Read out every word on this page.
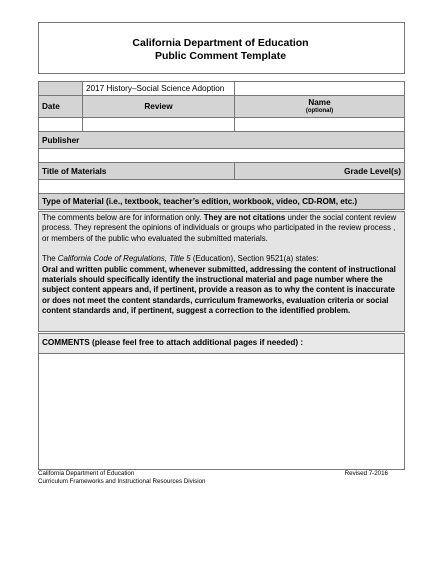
California Department of Education
Public Comment Template
	2017 History–Social Science Adoption	
Date	Review	Name
(optional)

Publisher		

Title of Materials		Grade Level(s)

Type of Material (i.e., textbook, teacher’s edition, workbook, video, CD-ROM, etc.)		

The comments below are for information only. They are not citations under the social content review process. They represent the opinions of individuals or groups who participated in the review process , or members of the public who evaluated the submitted materials.

The California Code of Regulations, Title 5 (Education), Section 9521(a) states:

Oral and written public comment, whenever submitted, addressing the content of instructional materials should specifically identify the instructional material and page number where the subject content appears and, if pertinent, provide a reason as to why the content is inaccurate or does not meet the content standards, curriculum frameworks, evaluation criteria or social content standards and, if pertinent, suggest a correction to the identified problem.

COMMENTS (please feel free to attach additional pages if needed) :
California Department of Education
Curriculum Frameworks and Instructional Resources Division
Revised 7-2016
